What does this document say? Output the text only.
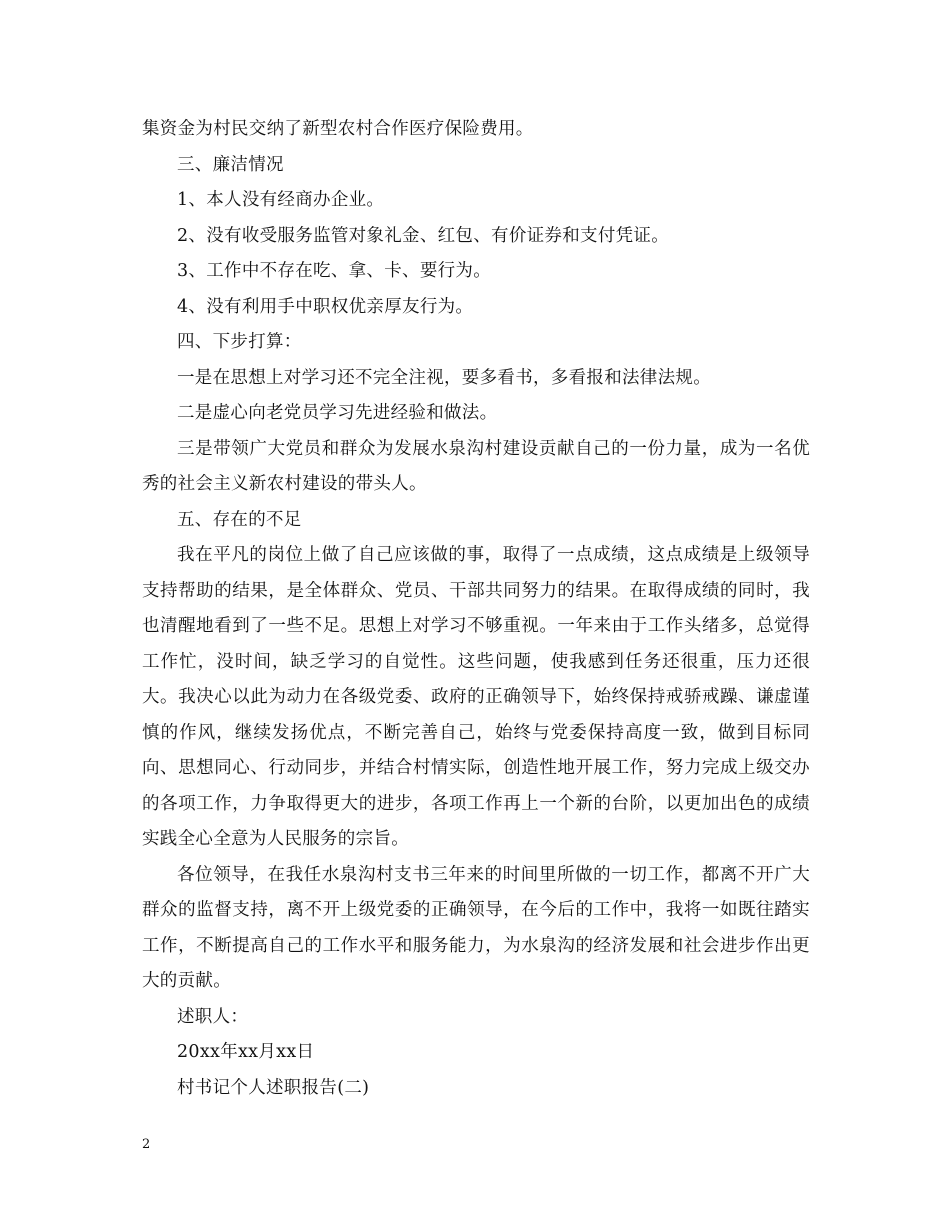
集资金为村民交纳了新型农村合作医疗保险费用。

三、廉洁情况

1、本人没有经商办企业。

2、没有收受服务监管对象礼金、红包、有价证券和支付凭证。

3、工作中不存在吃、拿、卡、要行为。

4、没有利用手中职权优亲厚友行为。

四、下步打算：

一是在思想上对学习还不完全注视，要多看书，多看报和法律法规。

二是虚心向老党员学习先进经验和做法。

三是带领广大党员和群众为发展水泉沟村建设贡献自己的一份力量，成为一名优秀的社会主义新农村建设的带头人。

五、存在的不足

我在平凡的岗位上做了自己应该做的事，取得了一点成绩，这点成绩是上级领导支持帮助的结果，是全体群众、党员、干部共同努力的结果。在取得成绩的同时，我也清醒地看到了一些不足。思想上对学习不够重视。一年来由于工作头绪多，总觉得工作忙，没时间，缺乏学习的自觉性。这些问题，使我感到任务还很重，压力还很大。我决心以此为动力在各级党委、政府的正确领导下，始终保持戒骄戒躁、谦虚谨慎的作风，继续发扬优点，不断完善自己，始终与党委保持高度一致，做到目标同向、思想同心、行动同步，并结合村情实际，创造性地开展工作，努力完成上级交办的各项工作，力争取得更大的进步，各项工作再上一个新的台阶，以更加出色的成绩实践全心全意为人民服务的宗旨。

各位领导，在我任水泉沟村支书三年来的时间里所做的一切工作，都离不开广大群众的监督支持，离不开上级党委的正确领导，在今后的工作中，我将一如既往踏实工作，不断提高自己的工作水平和服务能力，为水泉沟的经济发展和社会进步作出更大的贡献。

述职人：

20xx年xx月xx日

村书记个人述职报告(二)

2
